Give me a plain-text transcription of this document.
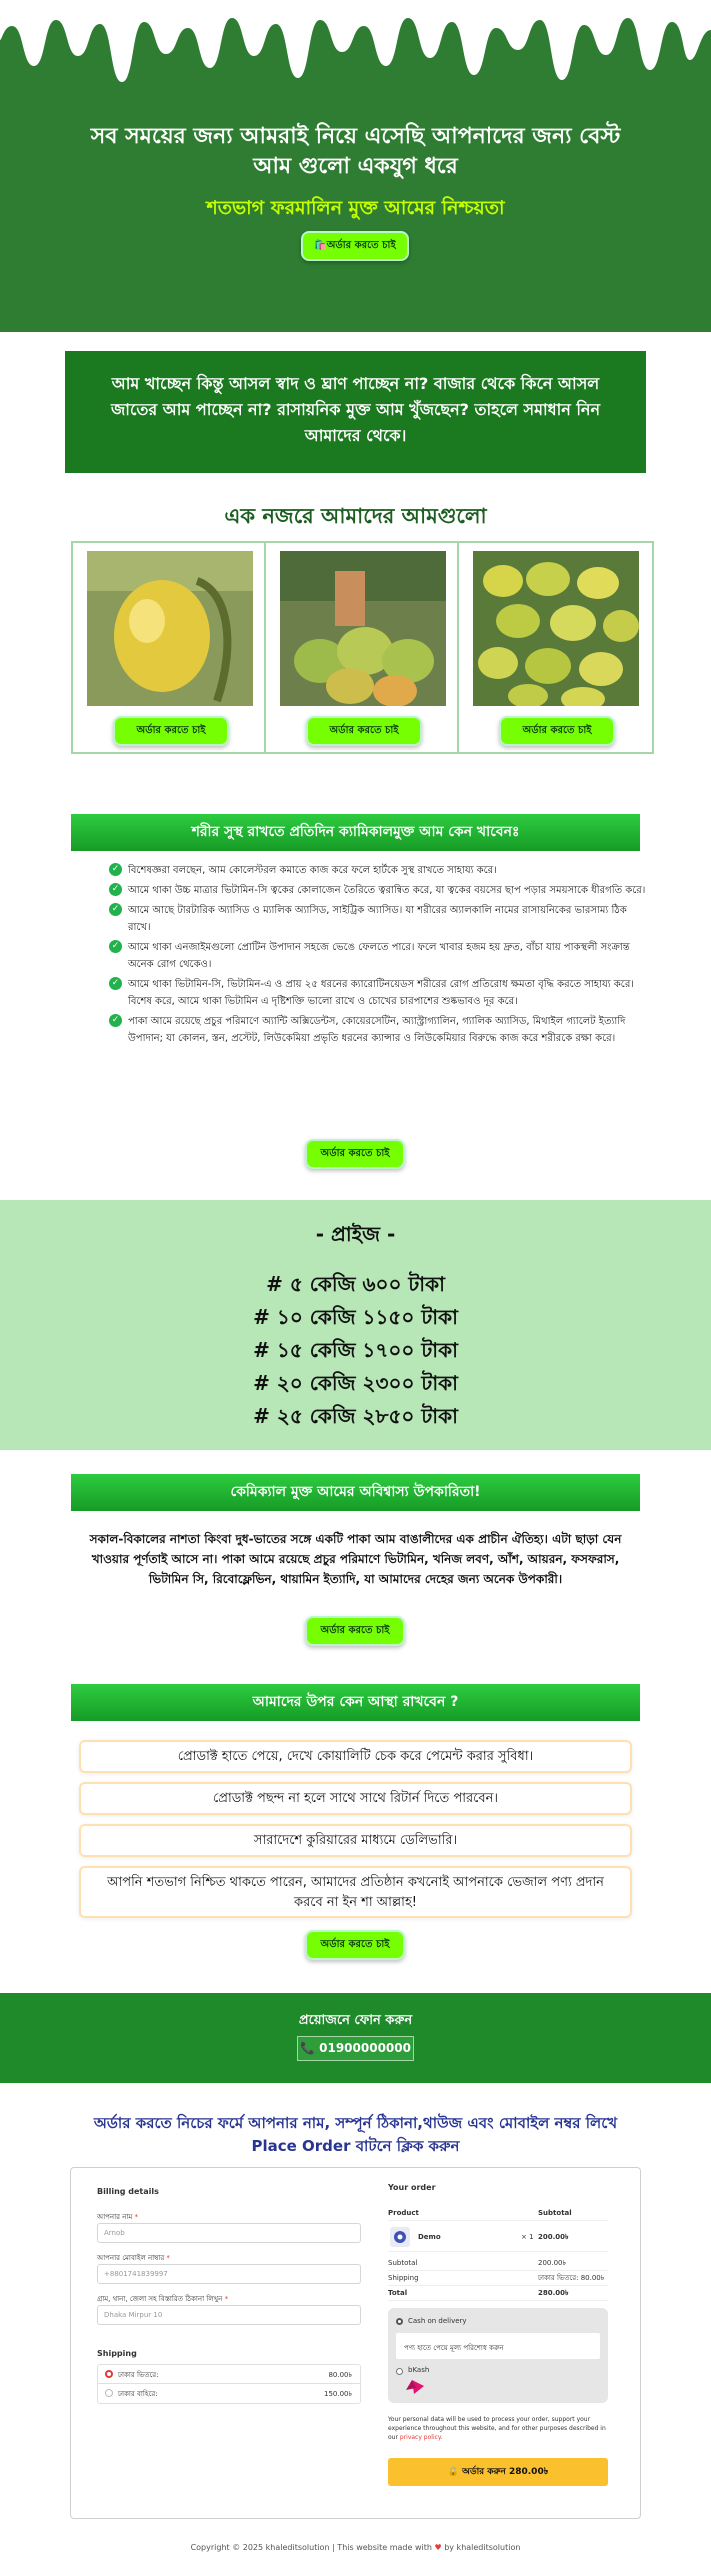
সব সময়ের জন্য আমরাই নিয়ে এসেছি আপনাদের জন্য বেস্ট আম গুলো একযুগ ধরে
শতভাগ ফরমালিন মুক্ত আমের নিশ্চয়তা
🛍️অর্ডার করতে চাই
আম খাচ্ছেন কিন্তু আসল স্বাদ ও ঘ্রাণ পাচ্ছেন না? বাজার থেকে কিনে আসল জাতের আম পাচ্ছেন না? রাসায়নিক মুক্ত আম খুঁজছেন? তাহলে সমাধান নিন আমাদের থেকে।
এক নজরে আমাদের আমগুলো
অর্ডার করতে চাই	অর্ডার করতে চাই	অর্ডার করতে চাই
শরীর সুস্থ রাখতে প্রতিদিন ক্যামিকালমুক্ত আম কেন খাবেনঃ
✓ বিশেষজ্ঞরা বলছেন, আম কোলেস্টরল কমাতে কাজ করে ফলে হার্টকে সুস্থ রাখতে সাহায্য করে।
✓ আমে থাকা উচ্চ মাত্রার ভিটামিন-সি ত্বকের কোলাজেন তৈরিতে ত্বরান্বিত করে, যা ত্বকের বয়সের ছাপ পড়ার সময়সাকে ধীরগতি করে।
✓ আমে আছে টারটারিক অ্যাসিড ও ম্যালিক অ্যাসিড, সাইট্রিক অ্যাসিড। যা শরীরের অ্যালকালি নামের রাসায়নিকের ভারসাম্য ঠিক রাখে।
✓ আমে থাকা এনজাইমগুলো প্রোটিন উপাদান সহজে ভেঙে ফেলতে পারে। ফলে খাবার হজম হয় দ্রুত, বাঁচা যায় পাকস্থলী সংক্রান্ত অনেক রোগ থেকেও।
✓ আমে থাকা ভিটামিন-সি, ভিটামিন-এ ও প্রায় ২৫ ধরনের ক্যারোটিনয়েডস শরীরের রোগ প্রতিরোধ ক্ষমতা বৃদ্ধি করতে সাহায্য করে। বিশেষ করে, আমে থাকা ভিটামিন এ দৃষ্টিশক্তি ভালো রাখে ও চোখের চারপাশের শুষ্কভাবও দূর করে।
✓ পাকা আমে রয়েছে প্রচুর পরিমাণে অ্যান্টি অক্সিডেন্টস, কোয়েরসেটিন, অ্যাস্ট্রাগ্যালিন, গ্যালিক অ্যাসিড, মিথাইল গ্যালেট ইত্যাদি উপাদান; যা কোলন, স্তন, প্রস্টেট, লিউকেমিয়া প্রভৃতি ধরনের ক্যান্সার ও লিউকেমিয়ার বিরুদ্ধে কাজ করে শরীরকে রক্ষা করে।
অর্ডার করতে চাই
- প্রাইজ -
# ৫ কেজি ৬০০ টাকা
# ১০ কেজি ১১৫০ টাকা
# ১৫ কেজি ১৭০০ টাকা
# ২০ কেজি ২৩০০ টাকা
# ২৫ কেজি ২৮৫০ টাকা
কেমিক্যাল মুক্ত আমের অবিশ্বাস্য উপকারিতা!
সকাল-বিকালের নাশতা কিংবা দুধ-ভাতের সঙ্গে একটি পাকা আম বাঙালীদের এক প্রাচীন ঐতিহ্য। এটা ছাড়া যেন খাওয়ার পূর্ণতাই আসে না। পাকা আমে রয়েছে প্রচুর পরিমাণে ভিটামিন, খনিজ লবণ, আঁশ, আয়রন, ফসফরাস, ভিটামিন সি, রিবোফ্লেভিন, থায়ামিন ইত্যাদি, যা আমাদের দেহের জন্য অনেক উপকারী।
অর্ডার করতে চাই
আমাদের উপর কেন আস্থা রাখবেন ?
প্রোডাক্ট হাতে পেয়ে, দেখে কোয়ালিটি চেক করে পেমেন্ট করার সুবিধা।
প্রোডাক্ট পছন্দ না হলে সাথে সাথে রিটার্ন দিতে পারবেন।
সারাদেশে কুরিয়ারের মাধ্যমে ডেলিভারি।
আপনি শতভাগ নিশ্চিত থাকতে পারেন, আমাদের প্রতিষ্ঠান কখনোই আপনাকে ভেজাল পণ্য প্রদান করবে না ইন শা আল্লাহ!
অর্ডার করতে চাই
প্রয়োজনে ফোন করুন
📞 01900000000
অর্ডার করতে নিচের ফর্মে আপনার নাম, সম্পূর্ন ঠিকানা,থাউজ এবং মোবাইল নম্বর লিখে Place Order বাটনে ক্লিক করুন
Billing details
আপনার নাম *
Arnob
আপনার মোবাইল নাম্বার *
+8801741839997
গ্রাম, থানা, জেলা সহ বিস্তারিত ঠিকানা লিখুন *
Dhaka Mirpur 10
Shipping
ঢাকার ভিতরে:	80.00৳
ঢাকার বাহিরে:	150.00৳
Your order
Product	Subtotal
Demo	× 1 200.00৳
Subtotal	200.00৳
Shipping	ঢাকার ভিতরে: 80.00৳
Total	280.00৳
Cash on delivery
পণ্য হাতে পেয়ে মূল্য পরিশোধ করুন
bKash
Your personal data will be used to process your order, support your experience throughout this website, and for other purposes described in our privacy policy.
🔒 অর্ডার করুন 280.00৳
Copyright © 2025 khaleditsolution | This website made with ♥ by khaleditsolution
